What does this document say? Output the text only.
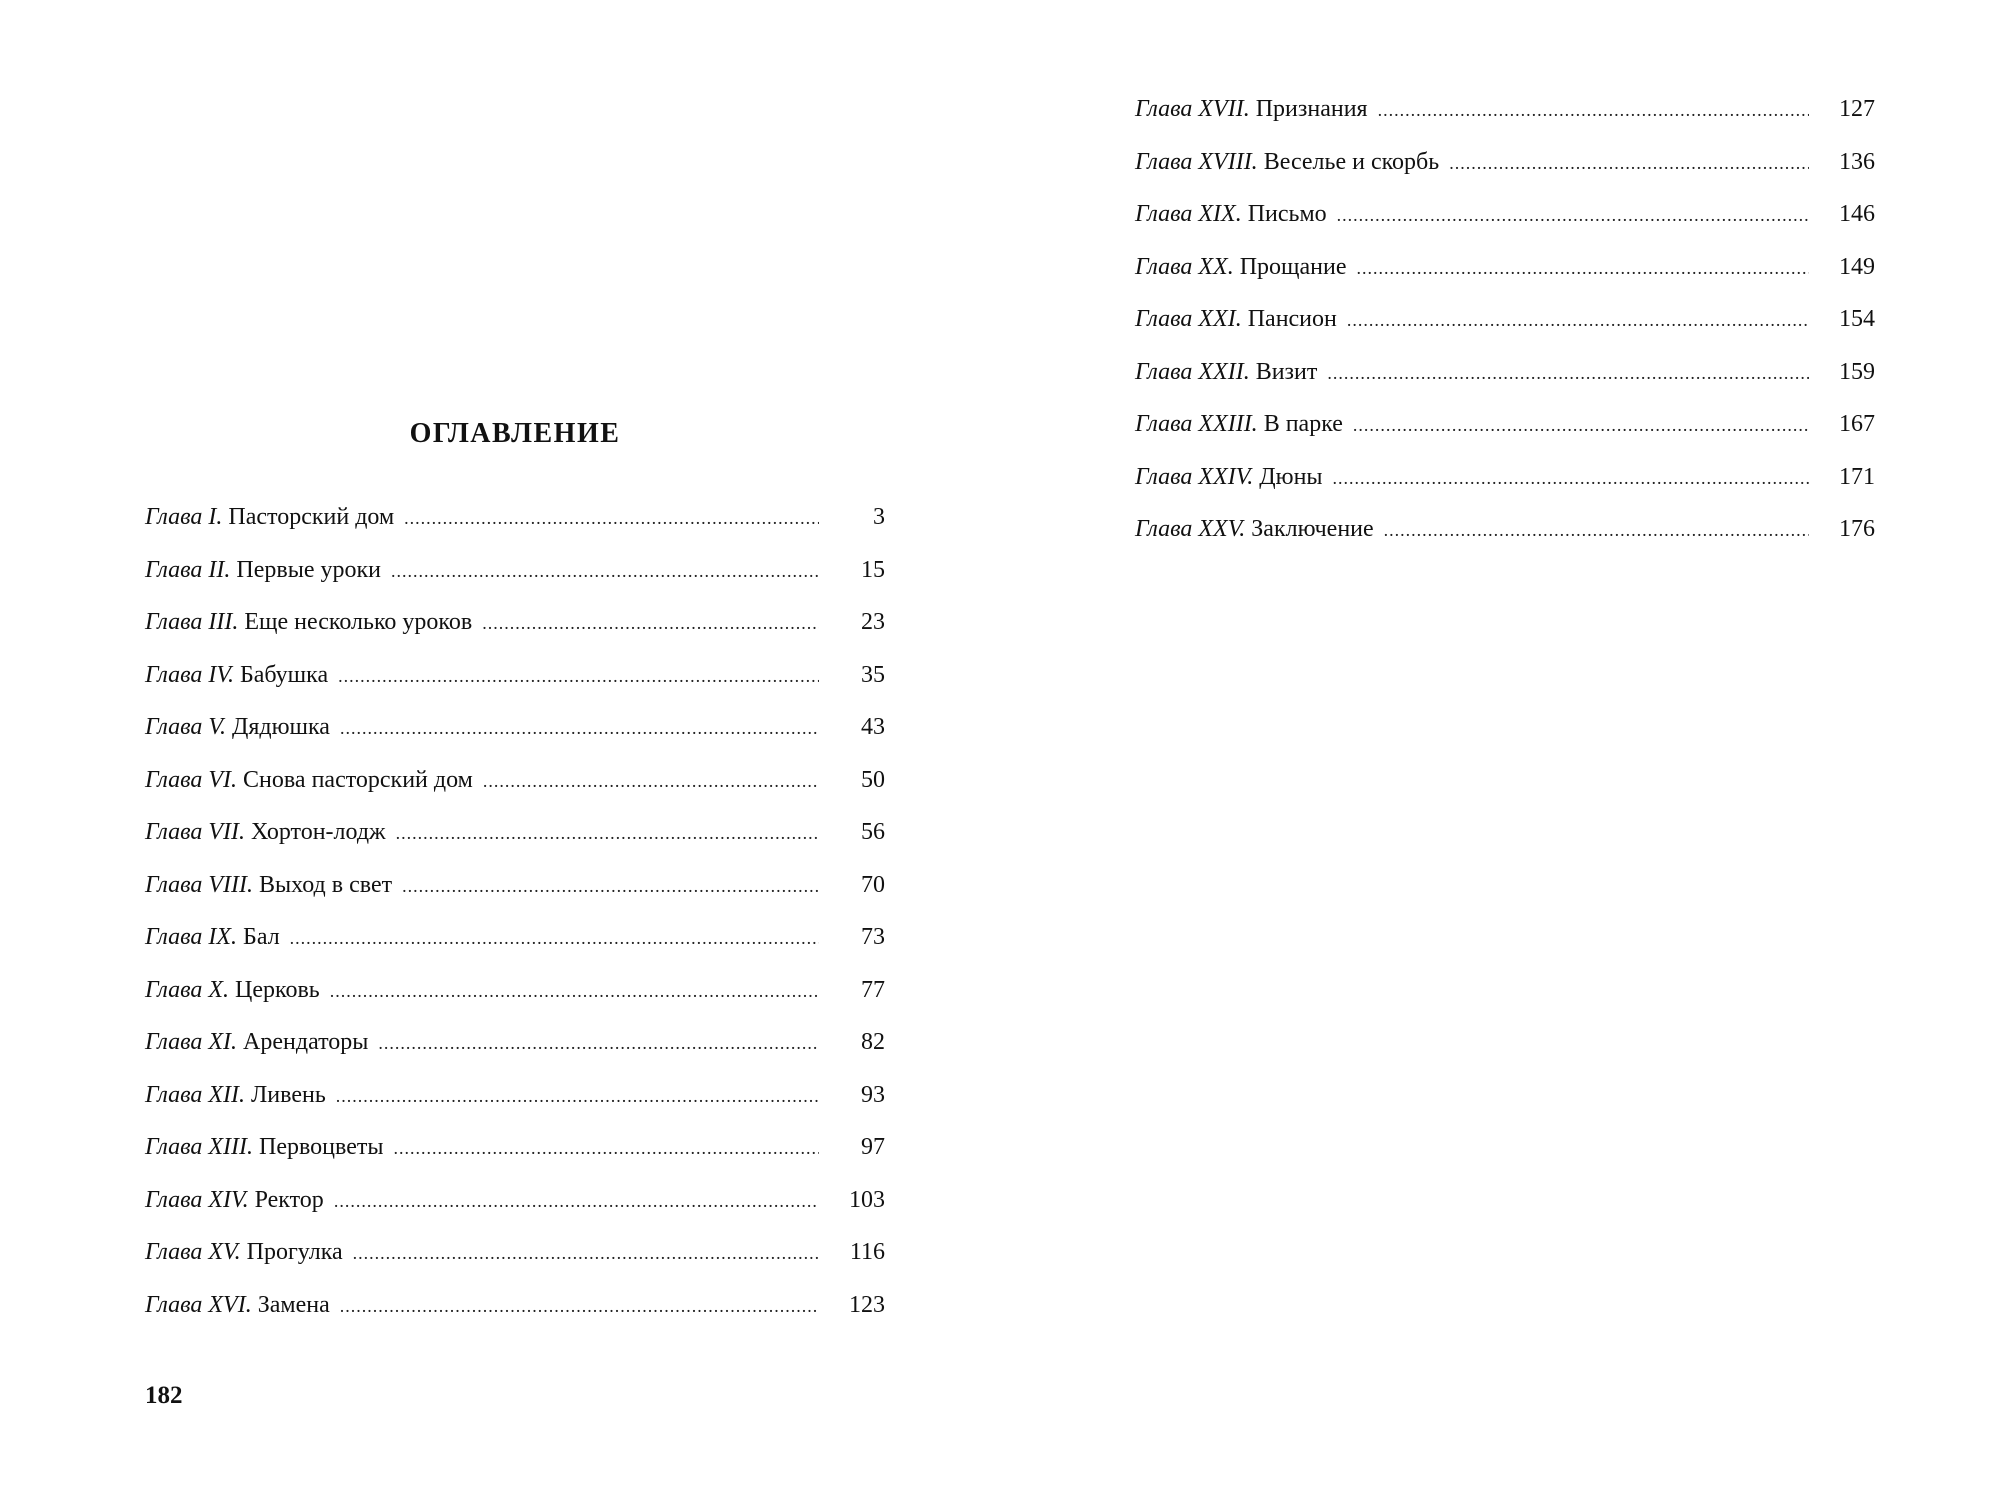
ОГЛАВЛЕНИЕ
Глава I. Пасторский дом .....	3
Глава II. Первые уроки .....	15
Глава III. Еще несколько уроков .....	23
Глава IV. Бабушка .....	35
Глава V. Дядюшка .....	43
Глава VI. Снова пасторский дом .....	50
Глава VII. Хортон-лодж .....	56
Глава VIII. Выход в свет .....	70
Глава IX. Бал .....	73
Глава X. Церковь .....	77
Глава XI. Арендаторы .....	82
Глава XII. Ливень .....	93
Глава XIII. Первоцветы .....	97
Глава XIV. Ректор .....	103
Глава XV. Прогулка .....	116
Глава XVI. Замена .....	123
182
Глава XVII. Признания .....	127
Глава XVIII. Веселье и скорбь .....	136
Глава XIX. Письмо .....	146
Глава XX. Прощание .....	149
Глава XXI. Пансион .....	154
Глава XXII. Визит .....	159
Глава XXIII. В парке .....	167
Глава XXIV. Дюны .....	171
Глава XXV. Заключение .....	176
